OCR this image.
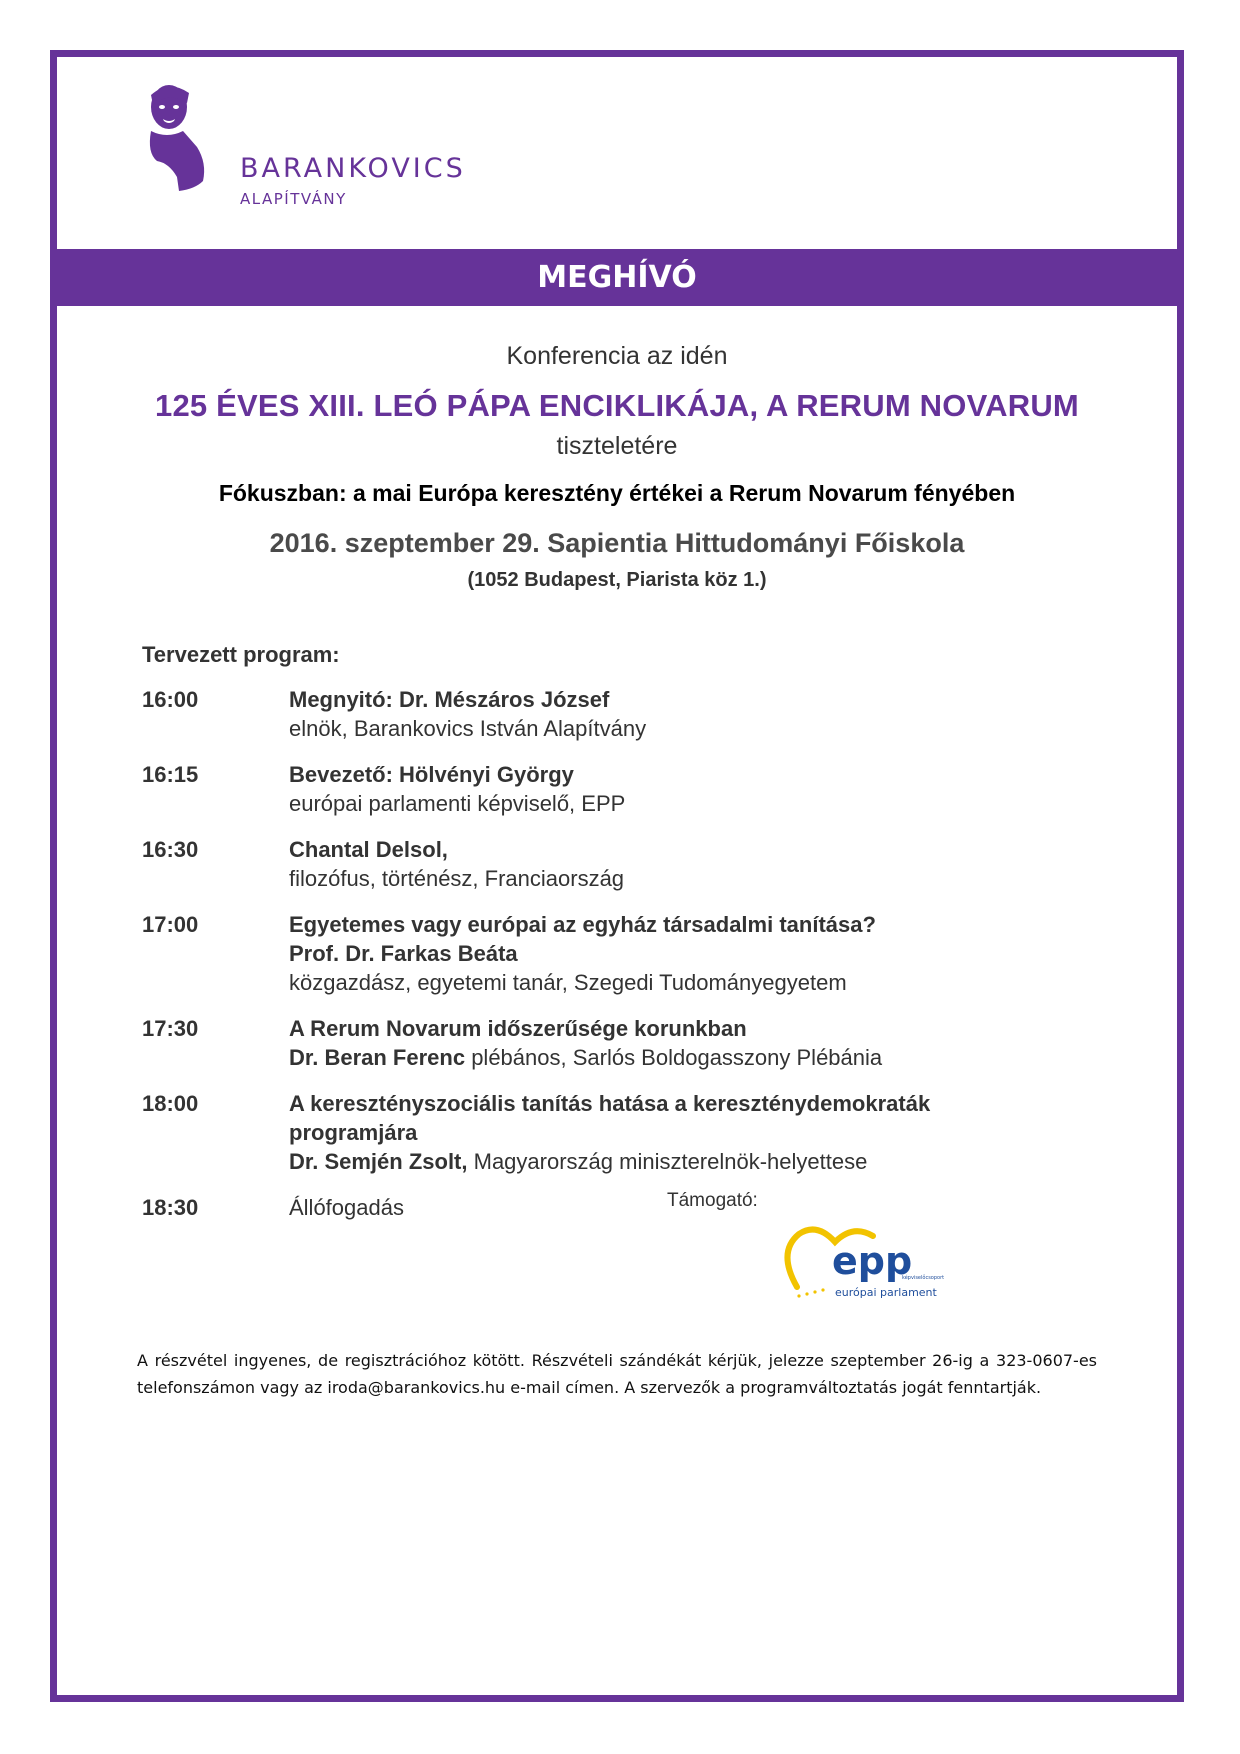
BARANKOVICS
ALAPÍTVÁNY
MEGHÍVÓ
Konferencia az idén
125 ÉVES XIII. LEÓ PÁPA ENCIKLIKÁJA, A RERUM NOVARUM
tiszteletére
Fókuszban: a mai Európa keresztény értékei a Rerum Novarum fényében
2016. szeptember 29. Sapientia Hittudományi Főiskola
(1052 Budapest, Piarista köz 1.)
Tervezett program:
16:00	Megnyitó: Dr. Mészáros József
elnök, Barankovics István Alapítvány
16:15	Bevezető: Hölvényi György
európai parlamenti képviselő, EPP
16:30	Chantal Delsol,
filozófus, történész, Franciaország
17:00	Egyetemes vagy európai az egyház társadalmi tanítása?
Prof. Dr. Farkas Beáta
közgazdász, egyetemi tanár, Szegedi Tudományegyetem
17:30	A Rerum Novarum időszerűsége korunkban
Dr. Beran Ferenc plébános, Sarlós Boldogasszony Plébánia
18:00	A keresztényszociális tanítás hatása a kereszténydemokraták programjára
Dr. Semjén Zsolt, Magyarország miniszterelnök-helyettese
18:30	Állófogadás	Támogató:
epp
képviselőcsoport
európai parlament
A részvétel ingyenes, de regisztrációhoz kötött. Részvételi szándékát kérjük, jelezze szeptember 26-ig a 323-0607-es telefonszámon vagy az iroda@barankovics.hu e-mail címen. A szervezők a programváltoztatás jogát fenntartják.
